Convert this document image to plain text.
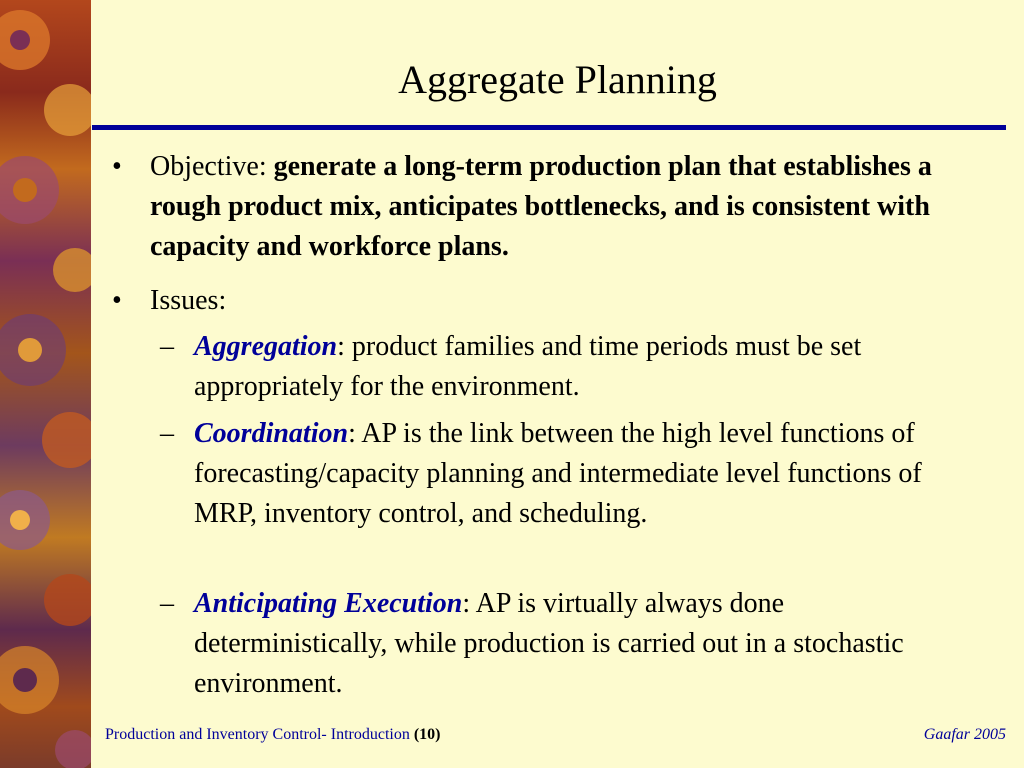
Aggregate Planning
• Objective: generate a long-term production plan that establishes a rough product mix, anticipates bottlenecks, and is consistent with capacity and workforce plans.
• Issues:
– Aggregation: product families and time periods must be set appropriately for the environment.
– Coordination: AP is the link between the high level functions of forecasting/capacity planning and intermediate level functions of MRP, inventory control, and scheduling.
– Anticipating Execution: AP is virtually always done deterministically, while production is carried out in a stochastic environment.
Production and Inventory Control- Introduction (10)	Gaafar 2005
